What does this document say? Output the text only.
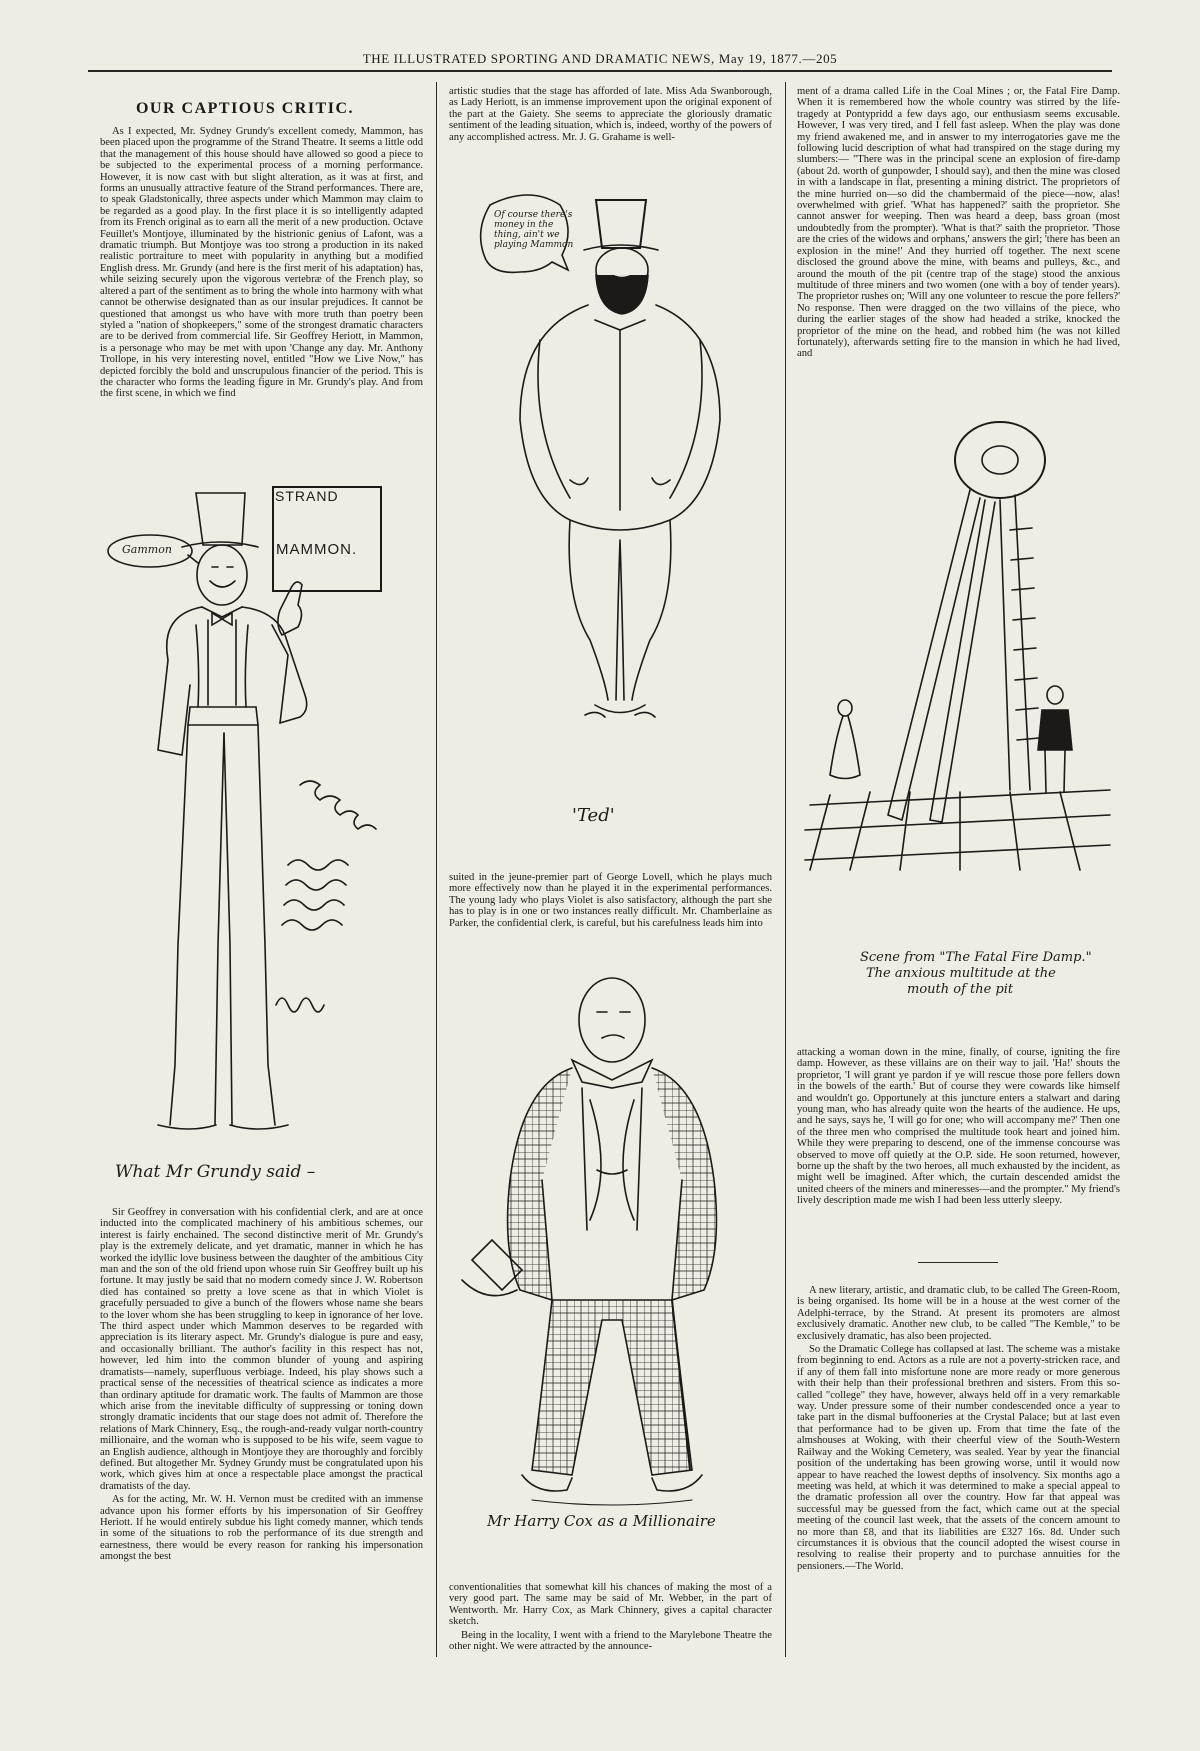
THE ILLUSTRATED SPORTING AND DRAMATIC NEWS, May 19, 1877.—205
OUR CAPTIOUS CRITIC.

As I expected, Mr. Sydney Grundy's excellent comedy, Mammon, has been placed upon the programme of the Strand Theatre. It seems a little odd that the management of this house should have allowed so good a piece to be subjected to the experimental process of a morning performance. However, it is now cast with but slight alteration, as it was at first, and forms an unusually attractive feature of the Strand performances. There are, to speak Gladstonically, three aspects under which Mammon may claim to be regarded as a good play. In the first place it is so intelligently adapted from its French original as to earn all the merit of a new production. Octave Feuillet's Montjoye, illuminated by the histrionic genius of Lafont, was a dramatic triumph. But Montjoye was too strong a production in its naked realistic portraiture to meet with popularity in anything but a modified English dress. Mr. Grundy (and here is the first merit of his adaptation) has, while seizing securely upon the vigorous vertebræ of the French play, so altered a part of the sentiment as to bring the whole into harmony with what cannot be otherwise designated than as our insular prejudices. It cannot be questioned that amongst us who have with more truth than poetry been styled a "nation of shopkeepers," some of the strongest dramatic characters are to be derived from commercial life. Sir Geoffrey Heriott, in Mammon, is a personage who may be met with upon 'Change any day. Mr. Anthony Trollope, in his very interesting novel, entitled "How we Live Now," has depicted forcibly the bold and unscrupulous financier of the period. This is the character who forms the leading figure in Mr. Grundy's play. And from the first scene, in which we find

STRAND
MAMMON.
Gammon
What Mr Grundy said –

Sir Geoffrey in conversation with his confidential clerk, and are at once inducted into the complicated machinery of his ambitious schemes, our interest is fairly enchained. The second distinctive merit of Mr. Grundy's play is the extremely delicate, and yet dramatic, manner in which he has worked the idyllic love business between the daughter of the ambitious City man and the son of the old friend upon whose ruin Sir Geoffrey built up his fortune. It may justly be said that no modern comedy since J. W. Robertson died has contained so pretty a love scene as that in which Violet is gracefully persuaded to give a bunch of the flowers whose name she bears to the lover whom she has been struggling to keep in ignorance of her love. The third aspect under which Mammon deserves to be regarded with appreciation is its literary aspect. Mr. Grundy's dialogue is pure and easy, and occasionally brilliant. The author's facility in this respect has not, however, led him into the common blunder of young and aspiring dramatists—namely, superfluous verbiage. Indeed, his play shows such a practical sense of the necessities of theatrical science as indicates a more than ordinary aptitude for dramatic work. The faults of Mammon are those which arise from the inevitable difficulty of suppressing or toning down strongly dramatic incidents that our stage does not admit of. Therefore the relations of Mark Chinnery, Esq., the rough-and-ready vulgar north-country millionaire, and the woman who is supposed to be his wife, seem vague to an English audience, although in Montjoye they are thoroughly and forcibly defined. But altogether Mr. Sydney Grundy must be congratulated upon his work, which gives him at once a respectable place amongst the practical dramatists of the day.

As for the acting, Mr. W. H. Vernon must be credited with an immense advance upon his former efforts by his impersonation of Sir Geoffrey Heriott. If he would entirely subdue his light comedy manner, which tends in some of the situations to rob the performance of its due strength and earnestness, there would be every reason for ranking his impersonation amongst the best

artistic studies that the stage has afforded of late. Miss Ada Swanborough, as Lady Heriott, is an immense improvement upon the original exponent of the part at the Gaiety. She seems to appreciate the gloriously dramatic sentiment of the leading situation, which is, indeed, worthy of the powers of any accomplished actress. Mr. J. G. Grahame is well-

Of course there's money in the thing, ain't we playing Mammon
'Ted'

suited in the jeune-premier part of George Lovell, which he plays much more effectively now than he played it in the experimental performances. The young lady who plays Violet is also satisfactory, although the part she has to play is in one or two instances really difficult. Mr. Chamberlaine as Parker, the confidential clerk, is careful, but his carefulness leads him into

Mr Harry Cox as a Millionaire

conventionalities that somewhat kill his chances of making the most of a very good part. The same may be said of Mr. Webber, in the part of Wentworth. Mr. Harry Cox, as Mark Chinnery, gives a capital character sketch.

Being in the locality, I went with a friend to the Marylebone Theatre the other night. We were attracted by the announce-

ment of a drama called Life in the Coal Mines ; or, the Fatal Fire Damp. When it is remembered how the whole country was stirred by the life-tragedy at Pontypridd a few days ago, our enthusiasm seems excusable. However, I was very tired, and I fell fast asleep. When the play was done my friend awakened me, and in answer to my interrogatories gave me the following lucid description of what had transpired on the stage during my slumbers:— "There was in the principal scene an explosion of fire-damp (about 2d. worth of gunpowder, I should say), and then the mine was closed in with a landscape in flat, presenting a mining district. The proprietors of the mine hurried on—so did the chambermaid of the piece—now, alas! overwhelmed with grief. 'What has happened?' saith the proprietor. She cannot answer for weeping. Then was heard a deep, bass groan (most undoubtedly from the prompter). 'What is that?' saith the proprietor. 'Those are the cries of the widows and orphans,' answers the girl; 'there has been an explosion in the mine!' And they hurried off together. The next scene disclosed the ground above the mine, with beams and pulleys, &c., and around the mouth of the pit (centre trap of the stage) stood the anxious multitude of three miners and two women (one with a boy of tender years). The proprietor rushes on; 'Will any one volunteer to rescue the pore fellers?' No response. Then were dragged on the two villains of the piece, who during the earlier stages of the show had headed a strike, knocked the proprietor of the mine on the head, and robbed him (he was not killed fortunately), afterwards setting fire to the mansion in which he had lived, and

Scene from "The Fatal Fire Damp."
The anxious multitude at the
mouth of the pit

attacking a woman down in the mine, finally, of course, igniting the fire damp. However, as these villains are on their way to jail. 'Ha!' shouts the proprietor, 'I will grant ye pardon if ye will rescue those pore fellers down in the bowels of the earth.' But of course they were cowards like himself and wouldn't go. Opportunely at this juncture enters a stalwart and daring young man, who has already quite won the hearts of the audience. He ups, and he says, says he, 'I will go for one; who will accompany me?' Then one of the three men who comprised the multitude took heart and joined him. While they were preparing to descend, one of the immense concourse was observed to move off quietly at the O.P. side. He soon returned, however, borne up the shaft by the two heroes, all much exhausted by the incident, as might well be imagined. After which, the curtain descended amidst the united cheers of the miners and mineresses—and the prompter." My friend's lively description made me wish I had been less utterly sleepy.

A new literary, artistic, and dramatic club, to be called The Green-Room, is being organised. Its home will be in a house at the west corner of the Adelphi-terrace, by the Strand. At present its promoters are almost exclusively dramatic. Another new club, to be called "The Kemble," to be exclusively dramatic, has also been projected.

So the Dramatic College has collapsed at last. The scheme was a mistake from beginning to end. Actors as a rule are not a poverty-stricken race, and if any of them fall into misfortune none are more ready or more generous with their help than their professional brethren and sisters. From this so-called "college" they have, however, always held off in a very remarkable way. Under pressure some of their number condescended once a year to take part in the dismal buffooneries at the Crystal Palace; but at last even that performance had to be given up. From that time the fate of the almshouses at Woking, with their cheerful view of the South-Western Railway and the Woking Cemetery, was sealed. Year by year the financial position of the undertaking has been growing worse, until it would now appear to have reached the lowest depths of insolvency. Six months ago a meeting was held, at which it was determined to make a special appeal to the dramatic profession all over the country. How far that appeal was successful may be guessed from the fact, which came out at the special meeting of the council last week, that the assets of the concern amount to no more than £8, and that its liabilities are £327 16s. 8d. Under such circumstances it is obvious that the council adopted the wisest course in resolving to realise their property and to purchase annuities for the pensioners.—The World.
